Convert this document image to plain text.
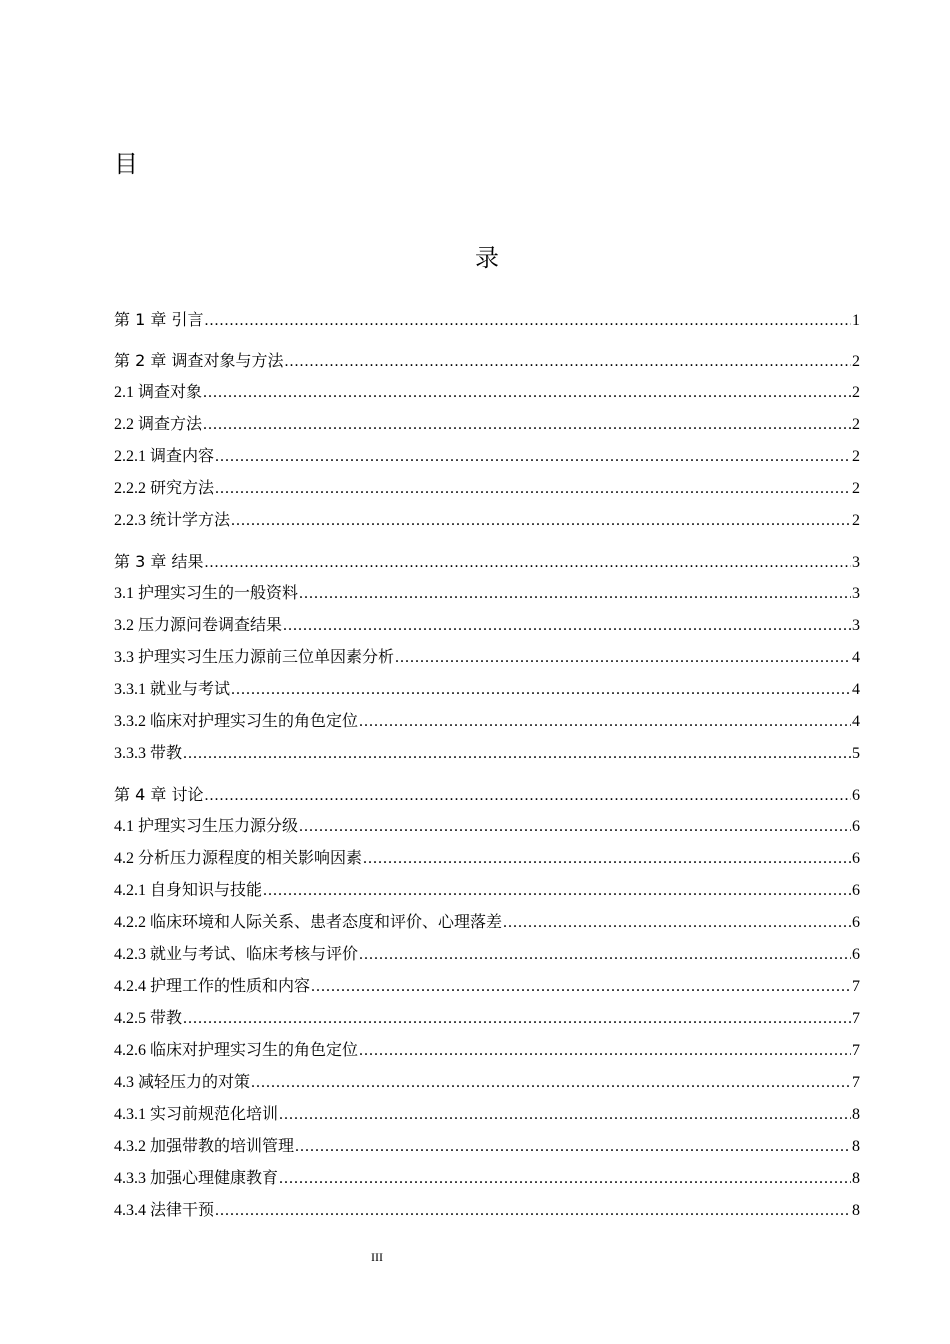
目
录
第 1 章 引言 .....	1
第 2 章 调查对象与方法 .....	2
2.1 调查对象 .....	2
2.2 调查方法 .....	2
2.2.1 调查内容 .....	2
2.2.2 研究方法 .....	2
2.2.3 统计学方法 .....	2
第 3 章 结果 .....	3
3.1 护理实习生的一般资料 .....	3
3.2 压力源问卷调查结果 .....	3
3.3 护理实习生压力源前三位单因素分析 .....	4
3.3.1 就业与考试 .....	4
3.3.2 临床对护理实习生的角色定位 .....	4
3.3.3 带教 .....	5
第 4 章 讨论 .....	6
4.1 护理实习生压力源分级 .....	6
4.2 分析压力源程度的相关影响因素 .....	6
4.2.1 自身知识与技能 .....	6
4.2.2 临床环境和人际关系、患者态度和评价、心理落差 .....	6
4.2.3 就业与考试、临床考核与评价 .....	6
4.2.4 护理工作的性质和内容 .....	7
4.2.5 带教 .....	7
4.2.6 临床对护理实习生的角色定位 .....	7
4.3 减轻压力的对策 .....	7
4.3.1 实习前规范化培训 .....	8
4.3.2 加强带教的培训管理 .....	8
4.3.3 加强心理健康教育 .....	8
4.3.4 法律干预 .....	8
III
